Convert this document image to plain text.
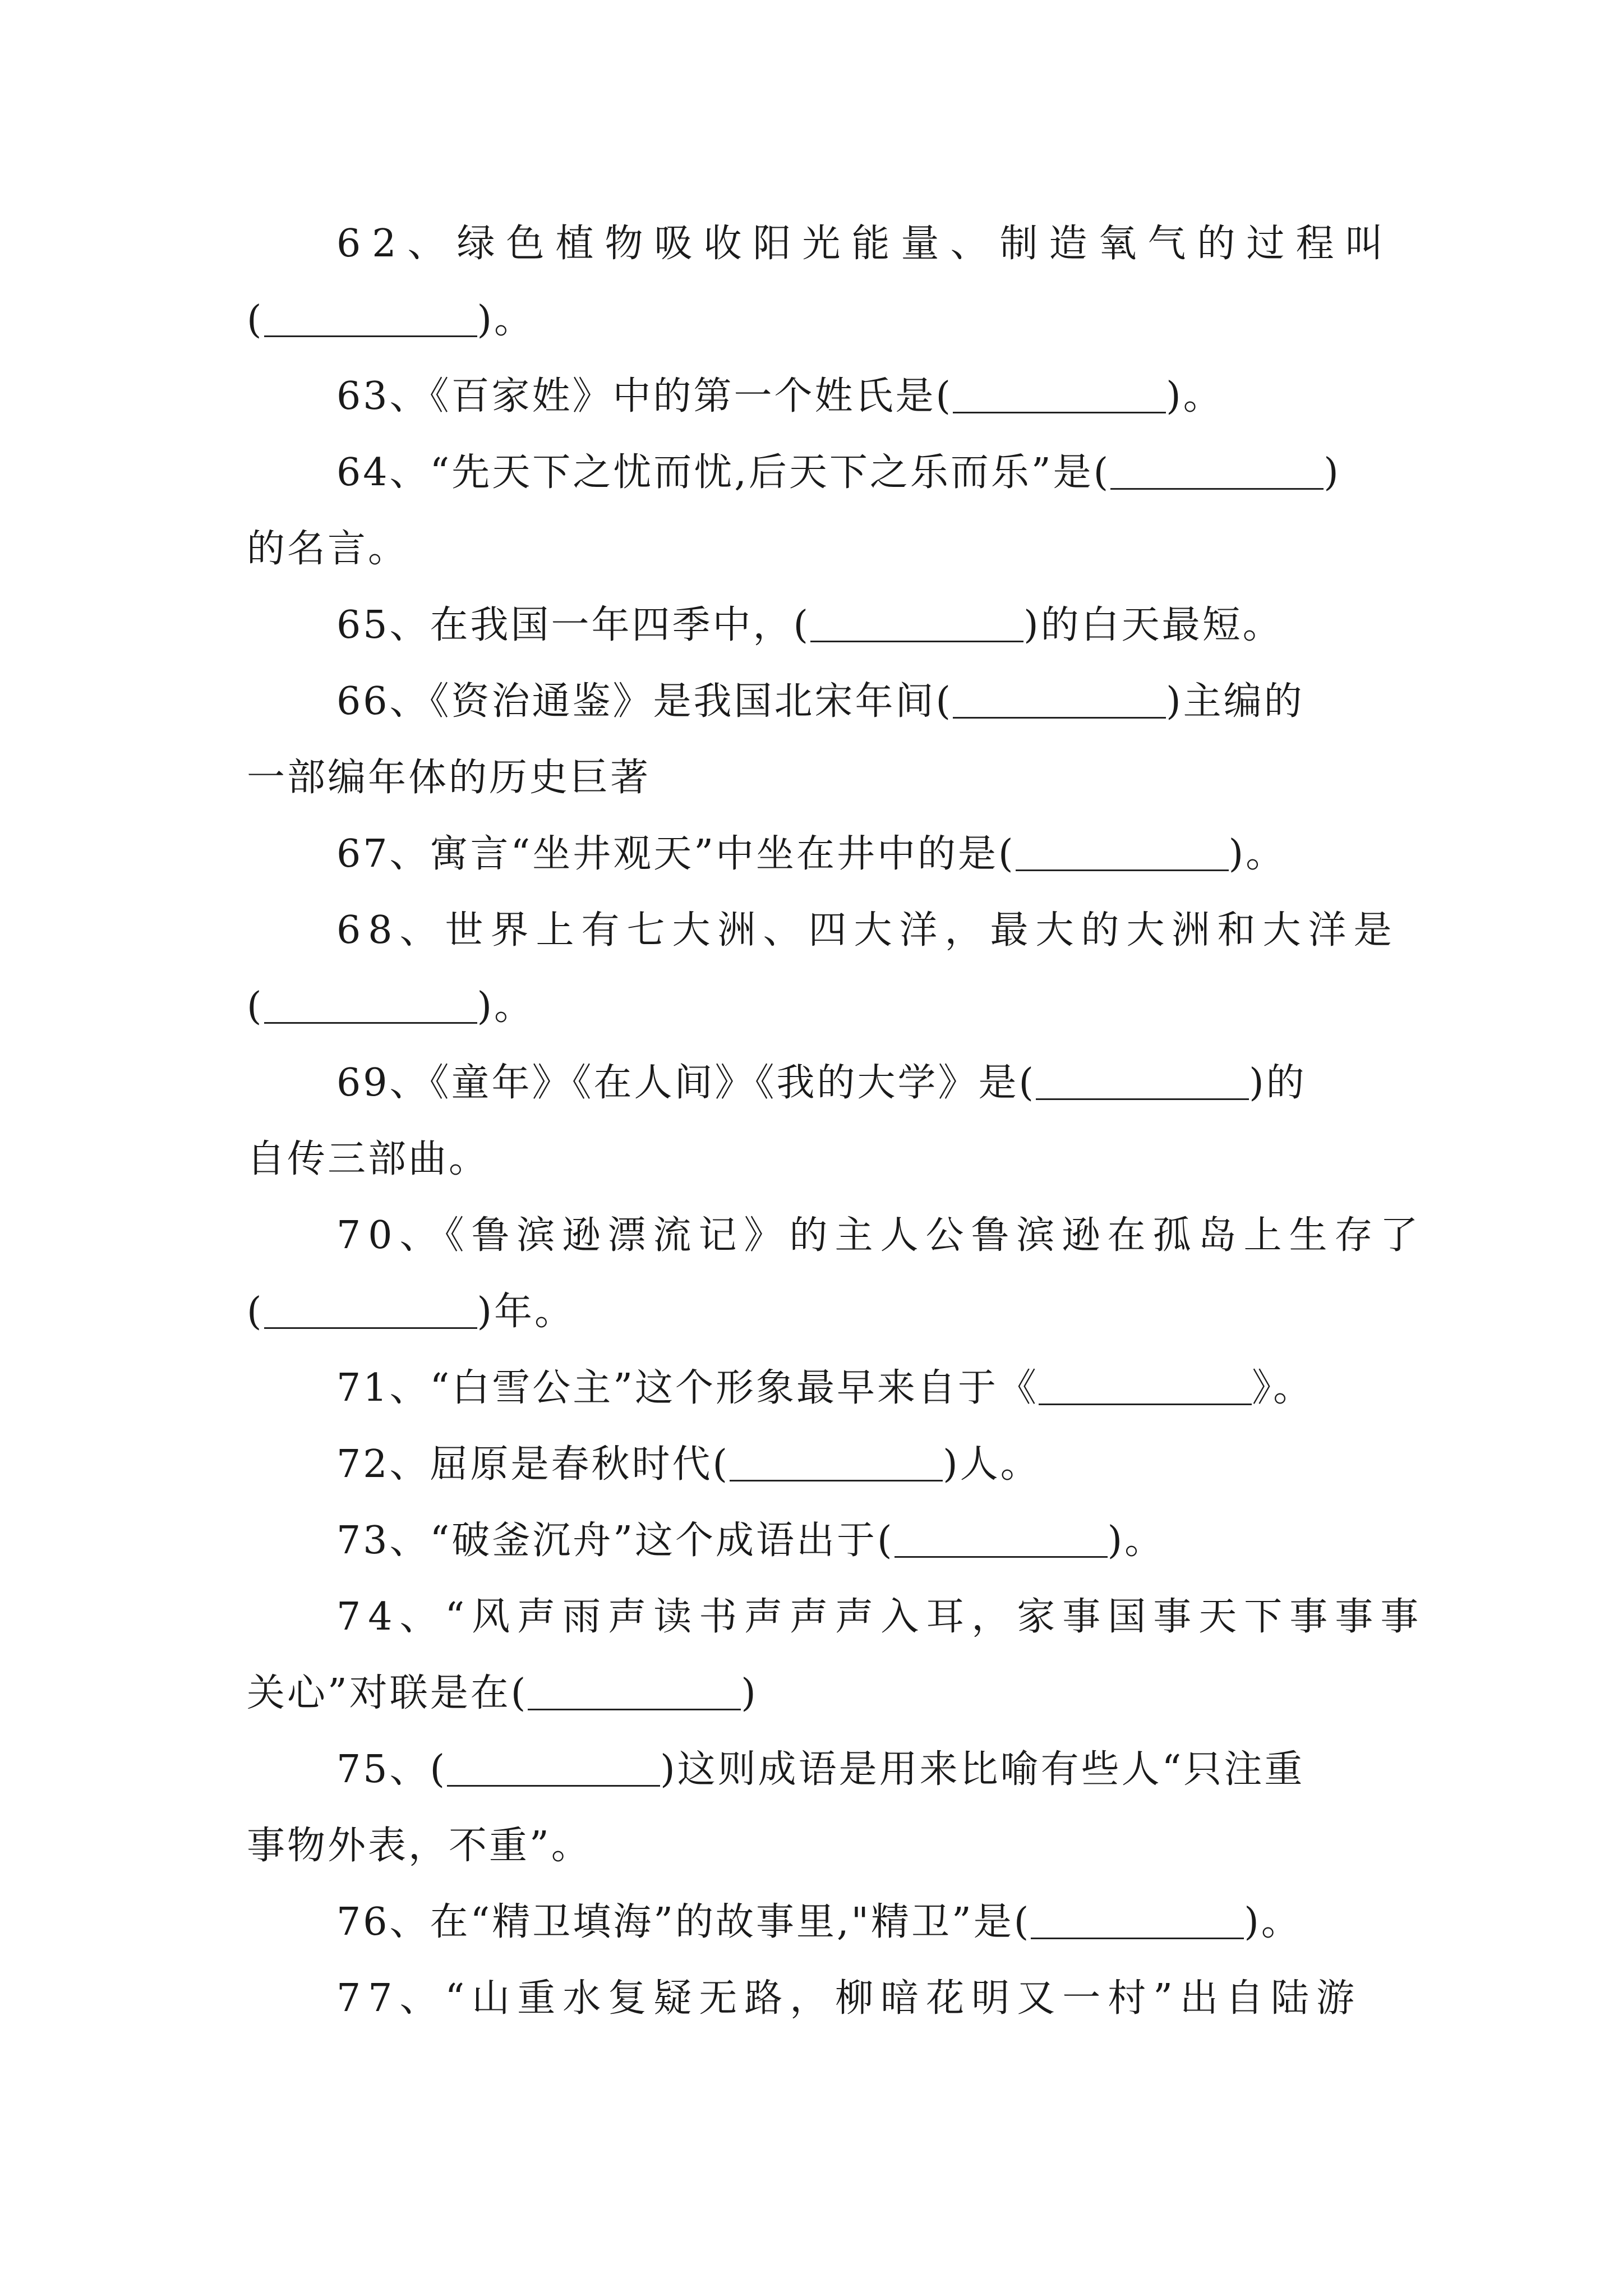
62、绿色植物吸收阳光能量、制造氧气的过程叫
(	)。
63、《百家姓》中的第一个姓氏是(	)。
64、“先天下之忧而忧,后天下之乐而乐”是(	)
的名言。
65、在我国一年四季中，(	)的白天最短。
66、《资治通鉴》是我国北宋年间(	)主编的
一部编年体的历史巨著
67、寓言“坐井观天”中坐在井中的是(	)。
68、世界上有七大洲、四大洋，最大的大洲和大洋是
(	)。
69、《童年》《在人间》《我的大学》是(	)的
自传三部曲。
70、《鲁滨逊漂流记》的主人公鲁滨逊在孤岛上生存了
(	)年。
71、“白雪公主”这个形象最早来自于《	》。
72、屈原是春秋时代(	)人。
73、“破釜沉舟”这个成语出于(	)。
74、“风声雨声读书声声声入耳，家事国事天下事事事
关心”对联是在(	)
75、(	)这则成语是用来比喻有些人“只注重
事物外表，不重”。
76、在“精卫填海”的故事里,"精卫”是(	)。
77、“山重水复疑无路，柳暗花明又一村”出自陆游
